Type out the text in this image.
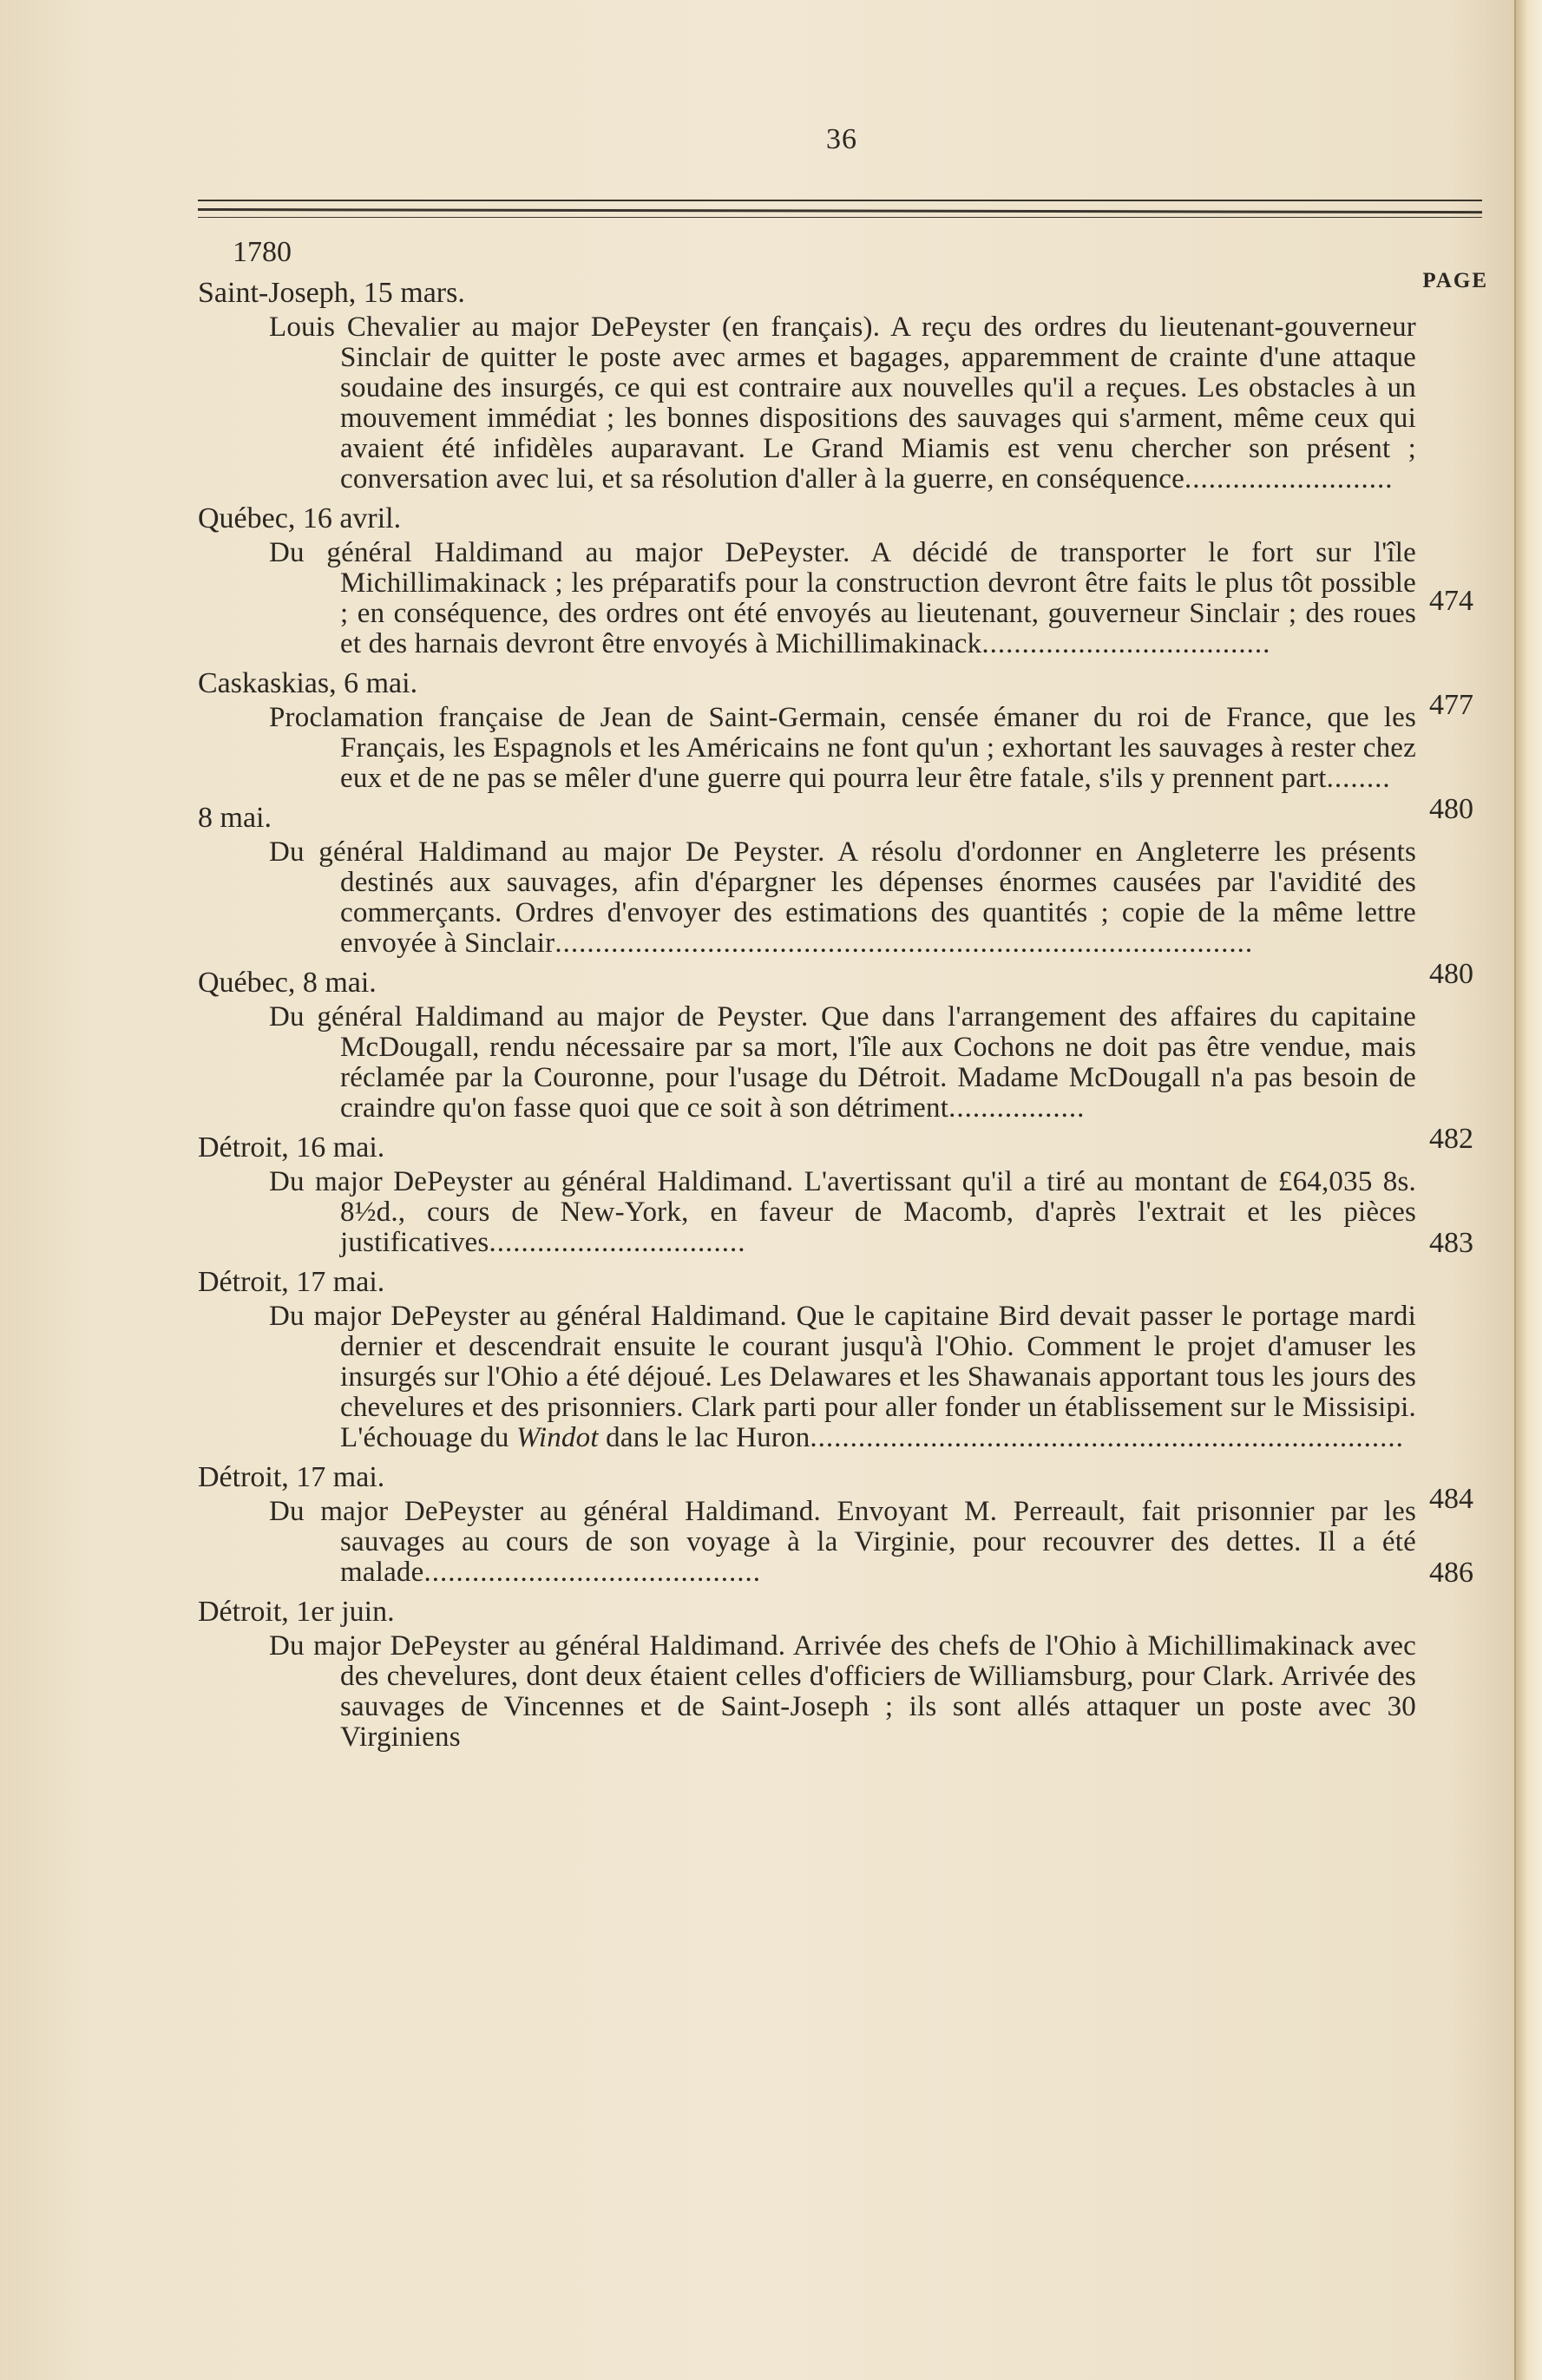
36
1780
PAGE
Saint-Joseph, 15 mars.
Louis Chevalier au major DePeyster (en français). A reçu des ordres du lieutenant-gouverneur Sinclair de quitter le poste avec armes et bagages, apparemment de crainte d'une attaque soudaine des insurgés, ce qui est contraire aux nouvelles qu'il a reçues. Les obstacles à un mouvement immédiat ; les bonnes dispositions des sauvages qui s'arment, même ceux qui avaient été infidèles auparavant. Le Grand Miamis est venu chercher son présent ; conversation avec lui, et sa résolution d'aller à la guerre, en conséquence..........................
474
Québec, 16 avril.
Du général Haldimand au major DePeyster. A décidé de transporter le fort sur l'île Michillimakinack ; les préparatifs pour la construction devront être faits le plus tôt possible ; en conséquence, des ordres ont été envoyés au lieutenant, gouverneur Sinclair ; des roues et des harnais devront être envoyés à Michillimakinack....................................
477
Caskaskias, 6 mai.
Proclamation française de Jean de Saint-Germain, censée émaner du roi de France, que les Français, les Espagnols et les Américains ne font qu'un ; exhortant les sauvages à rester chez eux et de ne pas se mêler d'une guerre qui pourra leur être fatale, s'ils y prennent part........
480
8 mai.
Du général Haldimand au major De Peyster. A résolu d'ordonner en Angleterre les présents destinés aux sauvages, afin d'épargner les dépenses énormes causées par l'avidité des commerçants. Ordres d'envoyer des estimations des quantités ; copie de la même lettre envoyée à Sinclair.......................................................................................
480
Québec, 8 mai.
Du général Haldimand au major de Peyster. Que dans l'arrangement des affaires du capitaine McDougall, rendu nécessaire par sa mort, l'île aux Cochons ne doit pas être vendue, mais réclamée par la Couronne, pour l'usage du Détroit. Madame McDougall n'a pas besoin de craindre qu'on fasse quoi que ce soit à son détriment.................
482
Détroit, 16 mai.
Du major DePeyster au général Haldimand. L'avertissant qu'il a tiré au montant de £64,035 8s. 8½d., cours de New-York, en faveur de Macomb, d'après l'extrait et les pièces justificatives................................	483
Détroit, 17 mai.
Du major DePeyster au général Haldimand. Que le capitaine Bird devait passer le portage mardi dernier et descendrait ensuite le courant jusqu'à l'Ohio. Comment le projet d'amuser les insurgés sur l'Ohio a été déjoué. Les Delawares et les Shawanais apportant tous les jours des chevelures et des prisonniers. Clark parti pour aller fonder un établissement sur le Missisipi. L'échouage du Windot dans le lac Huron..........................................................................
484
Détroit, 17 mai.
Du major DePeyster au général Haldimand. Envoyant M. Perreault, fait prisonnier par les sauvages au cours de son voyage à la Virginie, pour recouvrer des dettes. Il a été malade..........................................	486
Détroit, 1er juin.
Du major DePeyster au général Haldimand. Arrivée des chefs de l'Ohio à Michillimakinack avec des chevelures, dont deux étaient celles d'officiers de Williamsburg, pour Clark. Arrivée des sauvages de Vincennes et de Saint-Joseph ; ils sont allés attaquer un poste avec 30 Virginiens
